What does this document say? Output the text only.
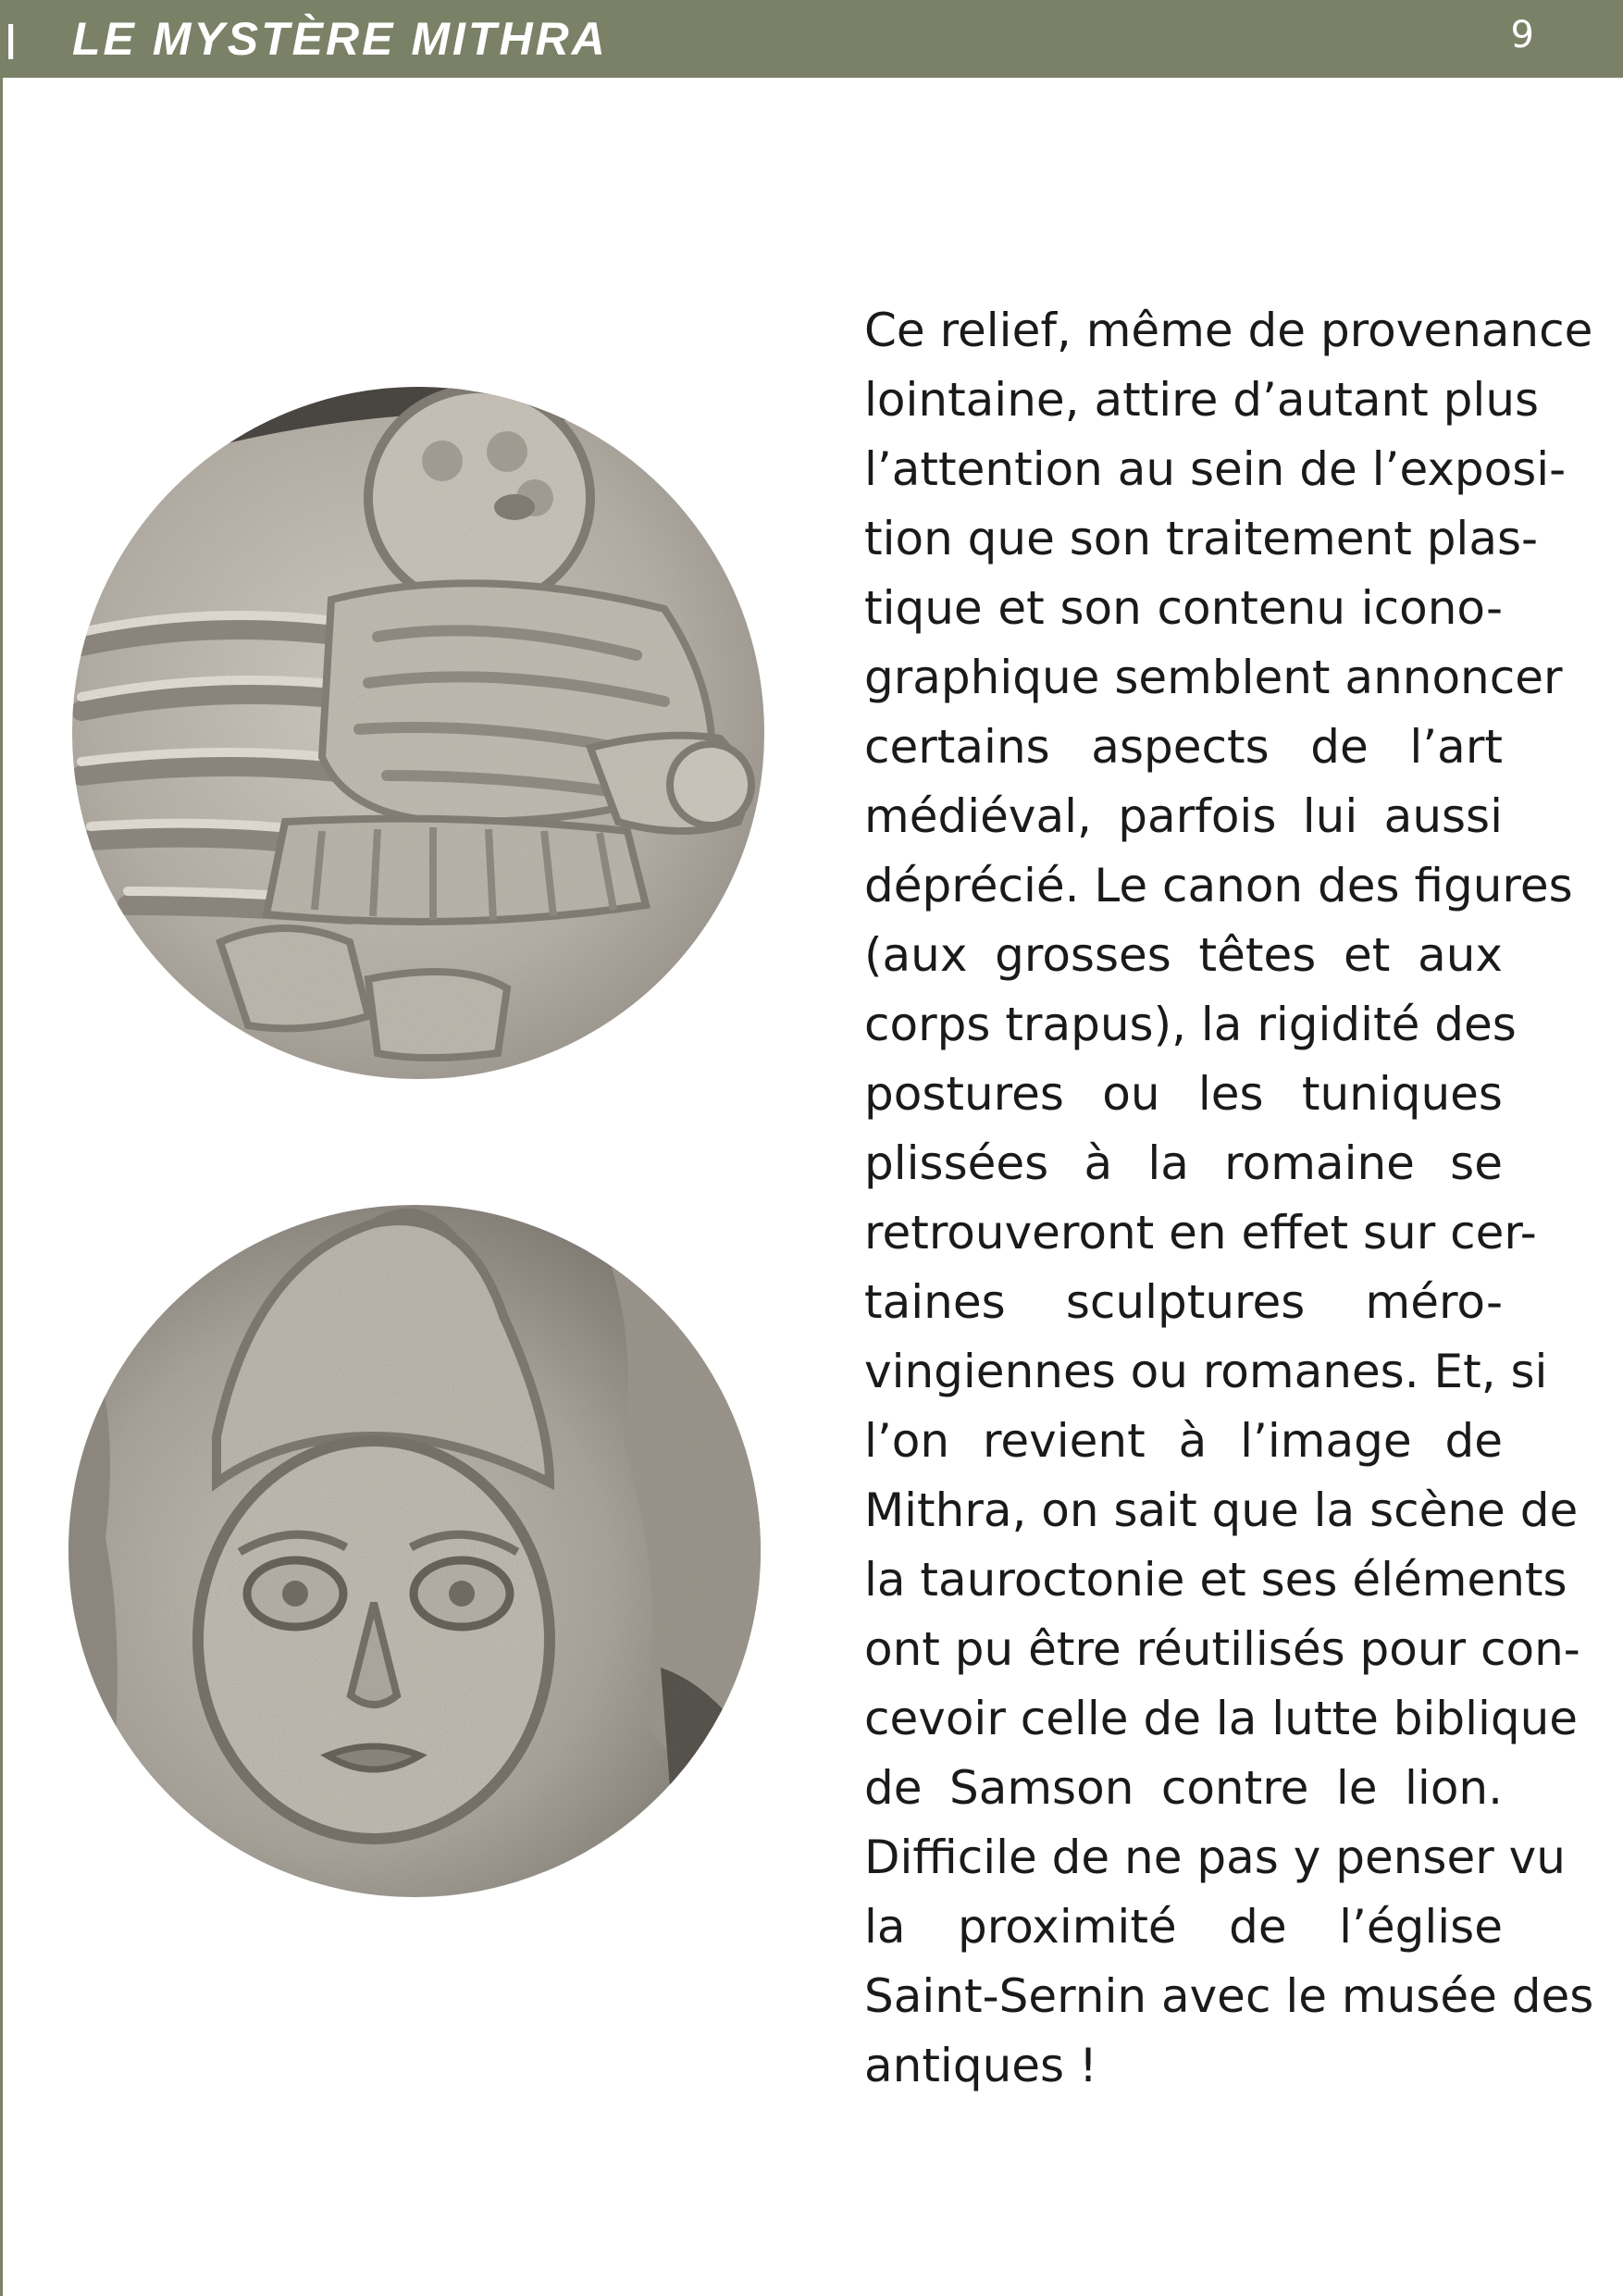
| LE MYSTÈRE MITHRA	9
Ce relief, même de provenance
lointaine, attire d’autant plus
l’attention au sein de l’exposi-
tion que son traitement plas-
tique et son contenu icono-
graphique semblent annoncer
certains aspects de l’art
médiéval, parfois lui aussi
déprécié. Le canon des figures
(aux grosses têtes et aux
corps trapus), la rigidité des
postures ou les tuniques
plissées à la romaine se
retrouveront en effet sur cer-
taines sculptures méro-
vingiennes ou romanes. Et, si
l’on revient à l’image de
Mithra, on sait que la scène de
la tauroctonie et ses éléments
ont pu être réutilisés pour con-
cevoir celle de la lutte biblique
de Samson contre le lion.
Difficile de ne pas y penser vu
la proximité de l’église
Saint-Sernin avec le musée des
antiques !
